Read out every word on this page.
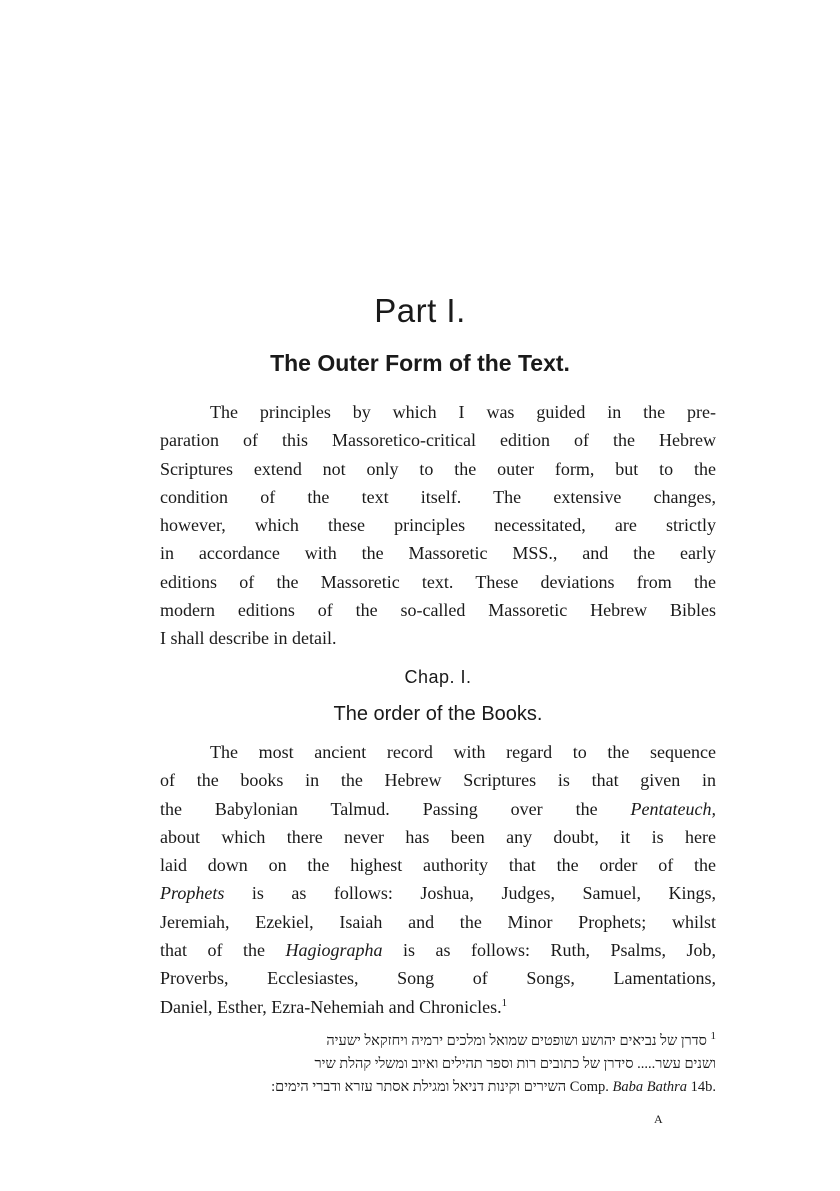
Part I.
The Outer Form of the Text.
The principles by which I was guided in the pre-
paration of this Massoretico-critical edition of the Hebrew
Scriptures extend not only to the outer form, but to the
condition of the text itself. The extensive changes,
however, which these principles necessitated, are strictly
in accordance with the Massoretic MSS., and the early
editions of the Massoretic text. These deviations from the
modern editions of the so-called Massoretic Hebrew Bibles
I shall describe in detail.
Chap. I.
The order of the Books.
The most ancient record with regard to the sequence
of the books in the Hebrew Scriptures is that given in
the Babylonian Talmud. Passing over the Pentateuch,
about which there never has been any doubt, it is here
laid down on the highest authority that the order of the
Prophets is as follows: Joshua, Judges, Samuel, Kings,
Jeremiah, Ezekiel, Isaiah and the Minor Prophets; whilst
that of the Hagiographa is as follows: Ruth, Psalms, Job,
Proverbs, Ecclesiastes, Song of Songs, Lamentations,
Daniel, Esther, Ezra-Nehemiah and Chronicles.$^1$
$^1$ סדרן של נביאים יהושע ושופטים שמואל ומלכים ירמיה ויחזקאל ישעיה
ושנים עשר..... סידרן של כתובים רות וספר תהילים ואיוב ומשלי קהלת שיר
השירים וקינות דניאל ומגילת אסתר עזרא ודברי הימים: Comp. Baba Bathra 14b.
A
